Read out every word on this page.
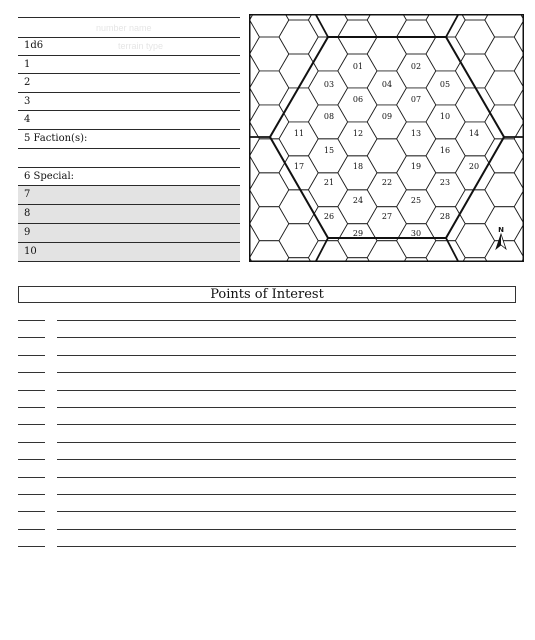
number name
terrain type
1d6
1
2
3
4
5 Faction(s):
6 Special:
7
8
9
10
01	02
03	04	05
06	07
08	09	10
11	12	13	14
15	16
17	18	19	20
21	22	23
24	25
26	27	28
29	30	N
Points of Interest
